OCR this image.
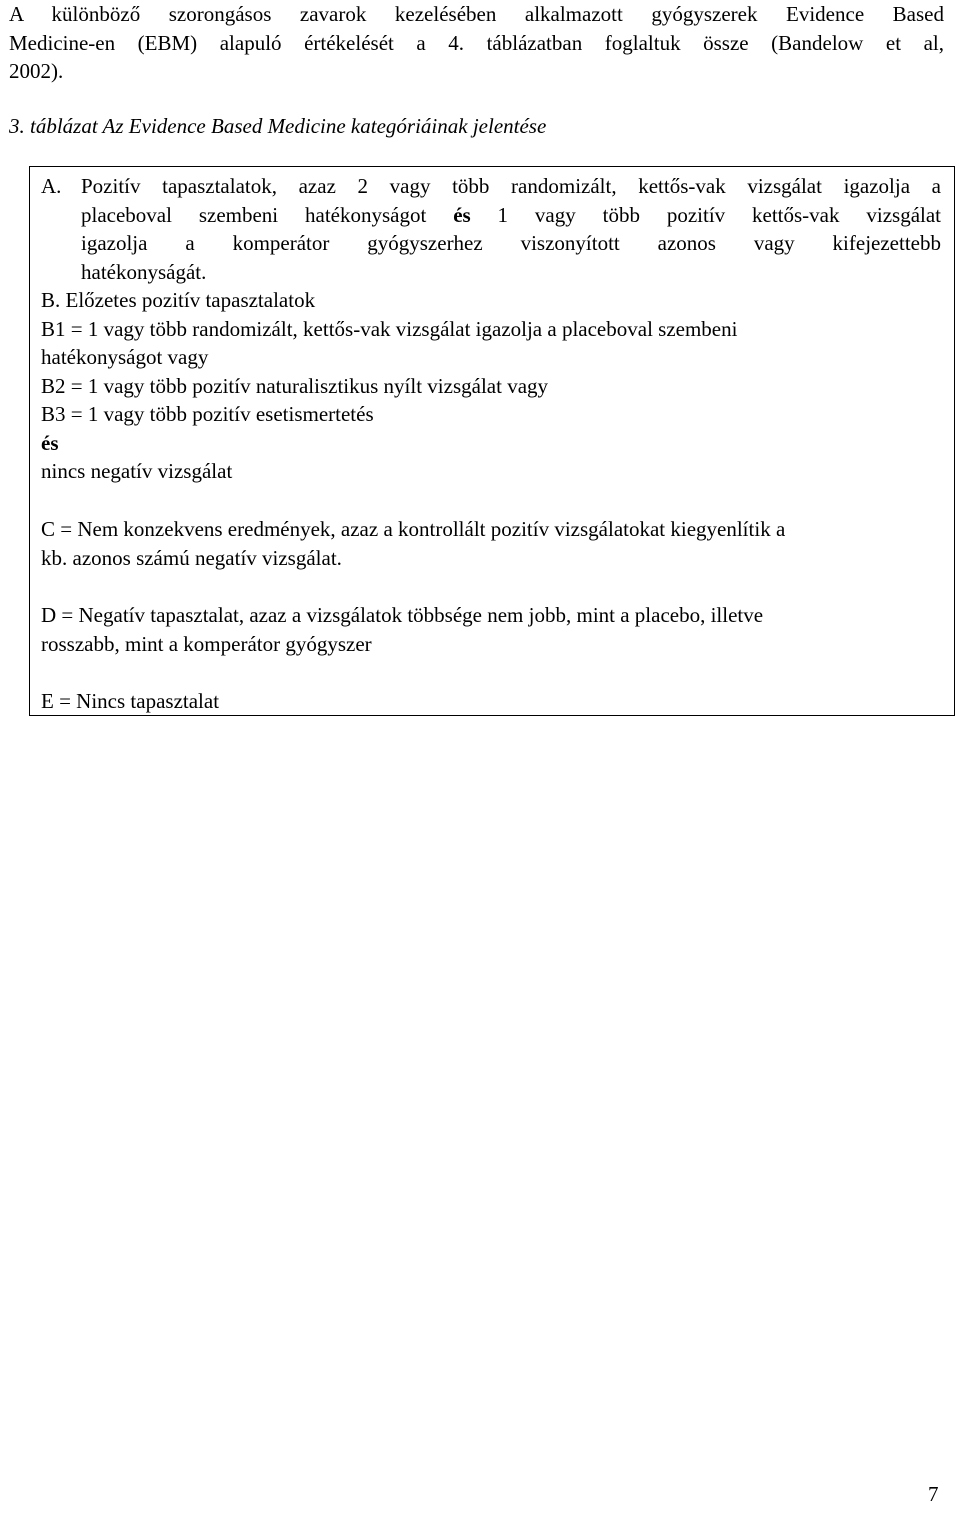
A különböző szorongásos zavarok kezelésében alkalmazott gyógyszerek Evidence Based
Medicine-en (EBM) alapuló értékelését a 4. táblázatban foglaltuk össze (Bandelow et al,
2002).

3. táblázat Az Evidence Based Medicine kategóriáinak jelentése

A. Pozitív tapasztalatok, azaz 2 vagy több randomizált, kettős-vak vizsgálat igazolja a
placeboval szembeni hatékonyságot és 1 vagy több pozitív kettős-vak vizsgálat
igazolja a komperátor gyógyszerhez viszonyított azonos vagy kifejezettebb
hatékonyságát.
B. Előzetes pozitív tapasztalatok
B1 = 1 vagy több randomizált, kettős-vak vizsgálat igazolja a placeboval szembeni
hatékonyságot vagy
B2 = 1 vagy több pozitív naturalisztikus nyílt vizsgálat vagy
B3 = 1 vagy több pozitív esetismertetés
és
nincs negatív vizsgálat
C = Nem konzekvens eredmények, azaz a kontrollált pozitív vizsgálatokat kiegyenlítik a
kb. azonos számú negatív vizsgálat.
D = Negatív tapasztalat, azaz a vizsgálatok többsége nem jobb, mint a placebo, illetve
rosszabb, mint a komperátor gyógyszer
E = Nincs tapasztalat

7
